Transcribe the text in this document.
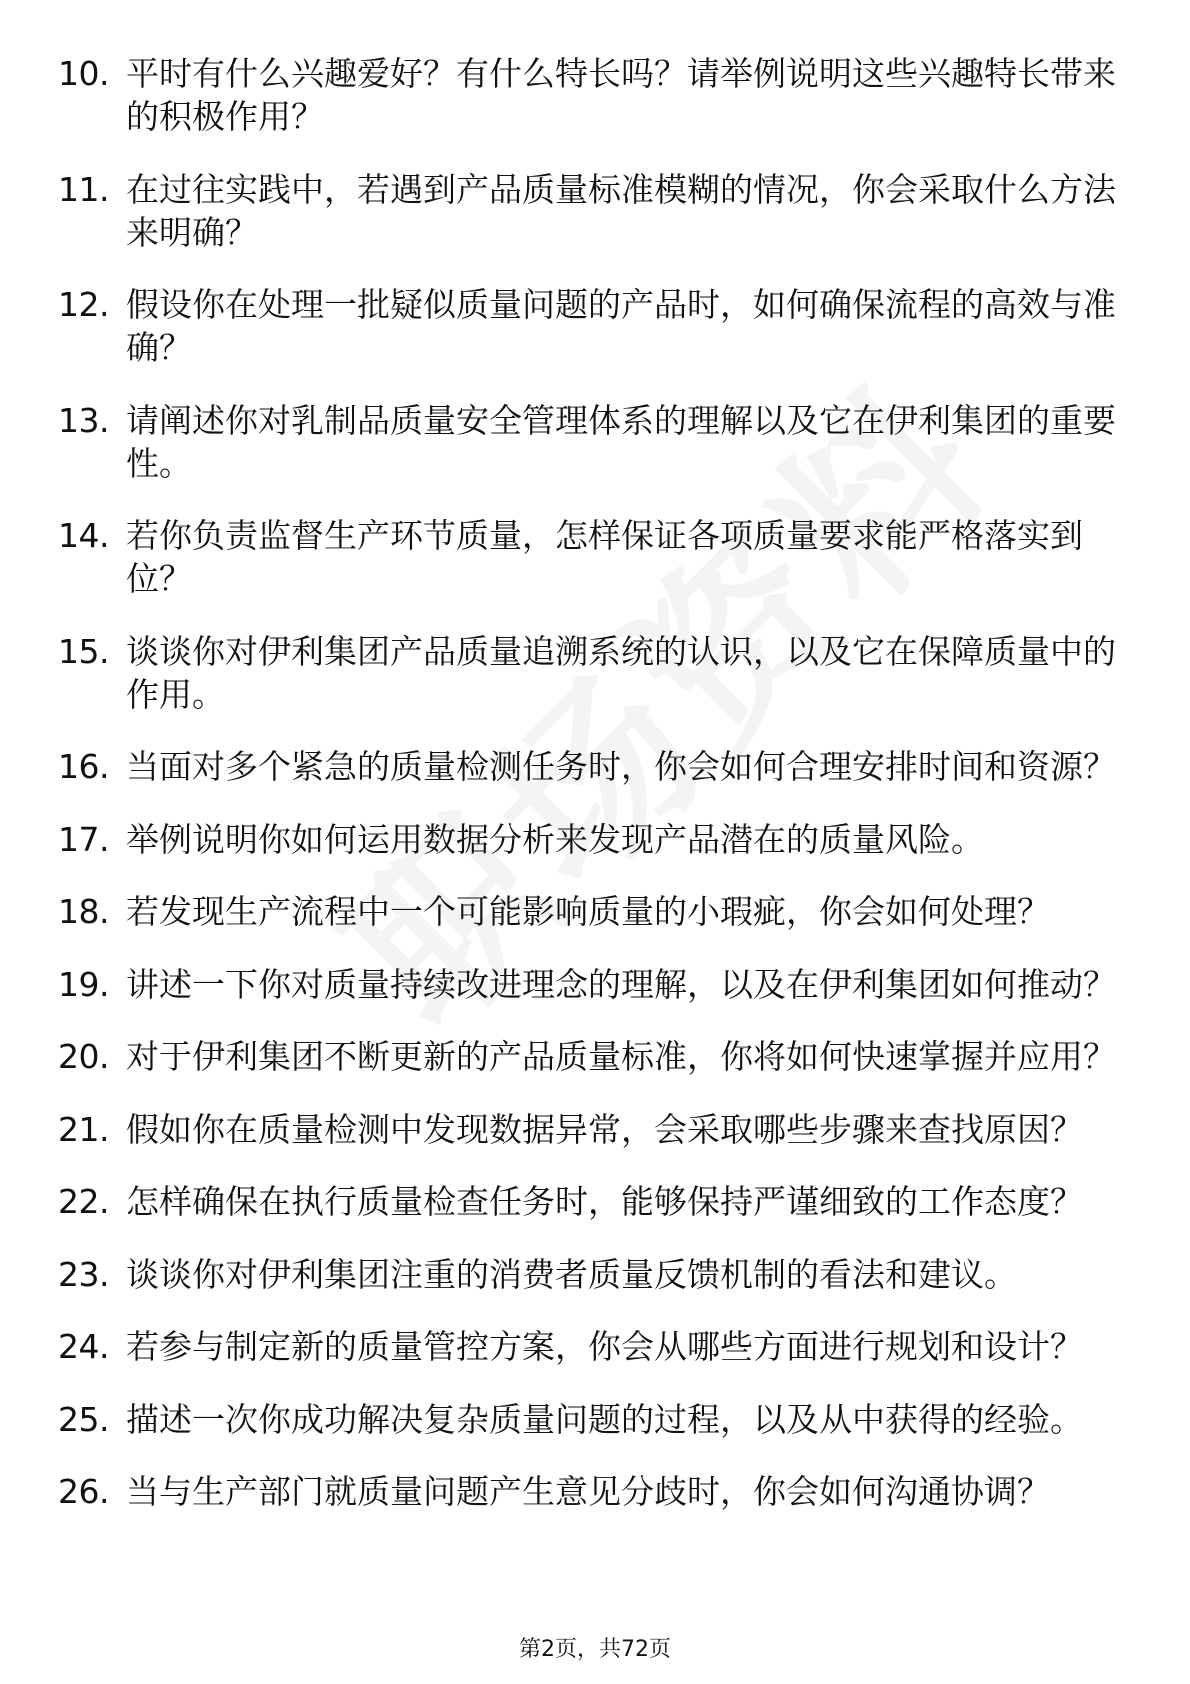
10. 平时有什么兴趣爱好？有什么特长吗？请举例说明这些兴趣特长带来的积极作用？
11. 在过往实践中，若遇到产品质量标准模糊的情况，你会采取什么方法来明确？
12. 假设你在处理一批疑似质量问题的产品时，如何确保流程的高效与准确？
13. 请阐述你对乳制品质量安全管理体系的理解以及它在伊利集团的重要性。
14. 若你负责监督生产环节质量，怎样保证各项质量要求能严格落实到位？
15. 谈谈你对伊利集团产品质量追溯系统的认识，以及它在保障质量中的作用。
16. 当面对多个紧急的质量检测任务时，你会如何合理安排时间和资源？
17. 举例说明你如何运用数据分析来发现产品潜在的质量风险。
18. 若发现生产流程中一个可能影响质量的小瑕疵，你会如何处理？
19. 讲述一下你对质量持续改进理念的理解，以及在伊利集团如何推动？
20. 对于伊利集团不断更新的产品质量标准，你将如何快速掌握并应用？
21. 假如你在质量检测中发现数据异常，会采取哪些步骤来查找原因？
22. 怎样确保在执行质量检查任务时，能够保持严谨细致的工作态度？
23. 谈谈你对伊利集团注重的消费者质量反馈机制的看法和建议。
24. 若参与制定新的质量管控方案，你会从哪些方面进行规划和设计？
25. 描述一次你成功解决复杂质量问题的过程，以及从中获得的经验。
26. 当与生产部门就质量问题产生意见分歧时，你会如何沟通协调？
第2页，共72页
